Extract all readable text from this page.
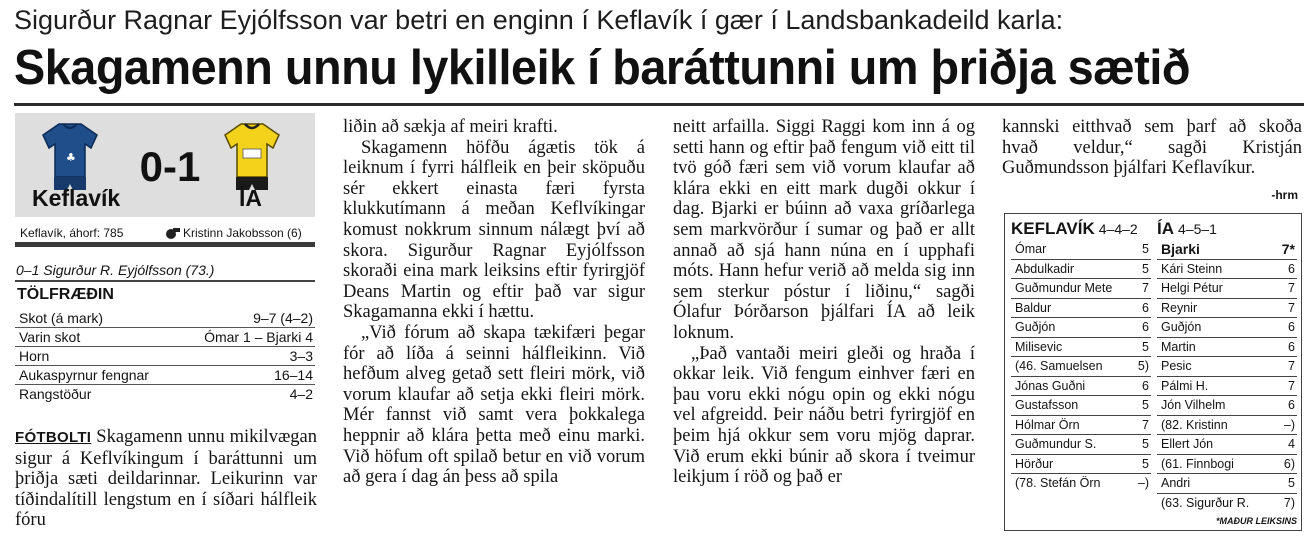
Sigurður Ragnar Eyjólfsson var betri en enginn í Keflavík í gær í Landsbankadeild karla:
Skagamenn unnu lykilleik í baráttunni um þriðja sætið
♣
Keflavík
0-1
ÍA
Keflavík, áhorf: 785	Kristinn Jakobsson (6)
0–1 Sigurður R. Eyjólfsson (73.)
TÖLFRÆÐIN
Skot (á mark)	9–7 (4–2)
Varin skot	Ómar 1 – Bjarki 4
Horn	3–3
Aukaspyrnur fengnar	16–14
Rangstöður	4–2

FÓTBOLTI Skagamenn unnu mikilvægan sigur á Keflvíkingum í baráttunni um þriðja sæti deildarinnar. Leikurinn var tíðindalítill lengstum en í síðari hálfleik fóru

liðin að sækja af meiri krafti.

Skagamenn höfðu ágætis tök á leiknum í fyrri hálfleik en þeir sköpuðu sér ekkert einasta færi fyrsta klukkutímann á meðan Keflvíkingar komust nokkrum sinnum nálægt því að skora. Sigurður Ragnar Eyjólfsson skoraði eina mark leiksins eftir fyrirgjöf Deans Martin og eftir það var sigur Skagamanna ekki í hættu.

„Við fórum að skapa tækifæri þegar fór að líða á seinni hálfleikinn. Við hefðum alveg getað sett fleiri mörk, við vorum klaufar að setja ekki fleiri mörk. Mér fannst við samt vera þokkalega heppnir að klára þetta með einu marki. Við höfum oft spilað betur en við vorum að gera í dag án þess að spila

neitt arfailla. Siggi Raggi kom inn á og setti hann og eftir það fengum við eitt til tvö góð færi sem við vorum klaufar að klára ekki en eitt mark dugði okkur í dag. Bjarki er búinn að vaxa gríðarlega sem markvörður í sumar og það er allt annað að sjá hann núna en í upphafi móts. Hann hefur verið að melda sig inn sem sterkur póstur í liðinu,“ sagði Ólafur Þórðarson þjálfari ÍA að leik loknum.

„Það vantaði meiri gleði og hraða í okkar leik. Við fengum einhver færi en þau voru ekki nógu opin og ekki nógu vel afgreidd. Þeir náðu betri fyrirgjöf en þeim hjá okkur sem voru mjög daprar. Við erum ekki búnir að skora í tveimur leikjum í röð og það er

kannski eitthvað sem þarf að skoða hvað veldur,“ sagði Kristján Guðmundsson þjálfari Keflavíkur.

-hrm
KEFLAVÍK 4–4–2
Ómar	5
Abdulkadir	5
Guðmundur Mete 7
Baldur	6
Guðjón	6
Milisevic	5
(46. Samuelsen	5)
Jónas Guðni	6
Gustafsson	5
Hólmar Örn	7
Guðmundur S.	5
Hörður	5
(78. Stefán Örn	–)
ÍA 4–5–1
Bjarki	7*
Kári Steinn	6
Helgi Pétur	7
Reynir	7
Guðjón	6
Martin	6
Pesic	7
Pálmi H.	7
Jón Vilhelm	6
(82. Kristinn	–)
Ellert Jón	4
(61. Finnbogi	6)
Andri	5
(63. Sigurður R.	7)
*MAÐUR LEIKSINS
